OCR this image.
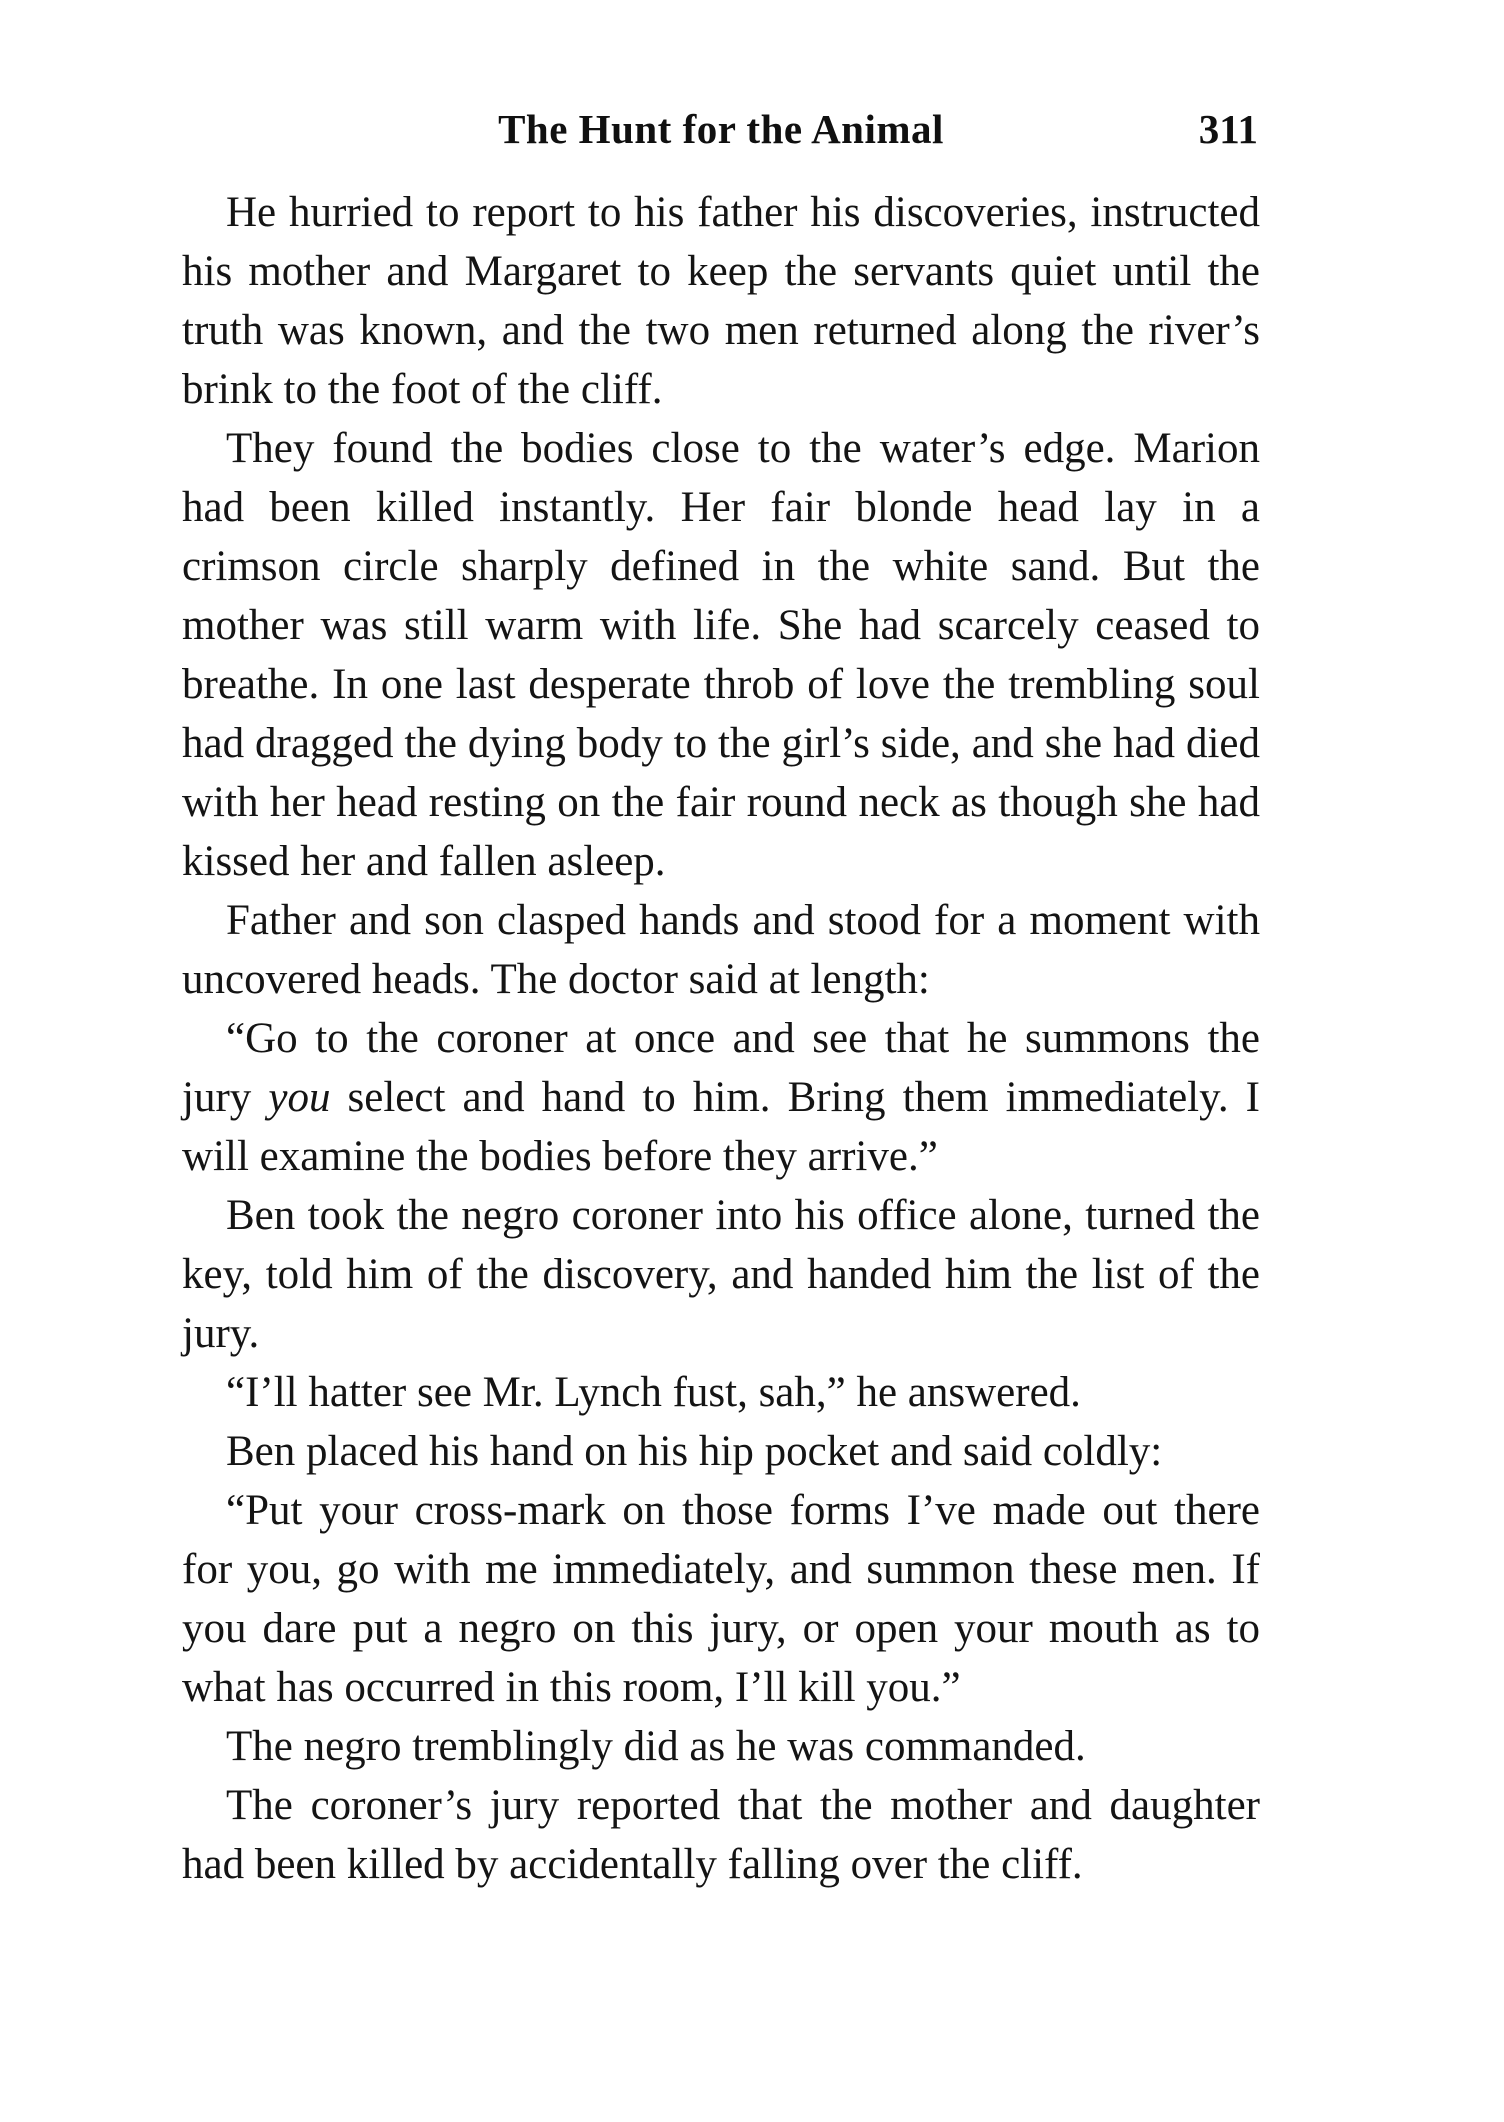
The Hunt for the Animal	311

He hurried to report to his father his discoveries, instructed his mother and Margaret to keep the servants quiet until the truth was known, and the two men returned along the river’s brink to the foot of the cliff.

They found the bodies close to the water’s edge. Marion had been killed instantly. Her fair blonde head lay in a crimson circle sharply defined in the white sand. But the mother was still warm with life. She had scarcely ceased to breathe. In one last desperate throb of love the trembling soul had dragged the dying body to the girl’s side, and she had died with her head resting on the fair round neck as though she had kissed her and fallen asleep.

Father and son clasped hands and stood for a moment with uncovered heads. The doctor said at length:

“Go to the coroner at once and see that he summons the jury you select and hand to him. Bring them immediately. I will examine the bodies before they arrive.”

Ben took the negro coroner into his office alone, turned the key, told him of the discovery, and handed him the list of the jury.

“I’ll hatter see Mr. Lynch fust, sah,” he answered.

Ben placed his hand on his hip pocket and said coldly:

“Put your cross-mark on those forms I’ve made out there for you, go with me immediately, and summon these men. If you dare put a negro on this jury, or open your mouth as to what has occurred in this room, I’ll kill you.”

The negro tremblingly did as he was commanded.

The coroner’s jury reported that the mother and daughter had been killed by accidentally falling over the cliff.
